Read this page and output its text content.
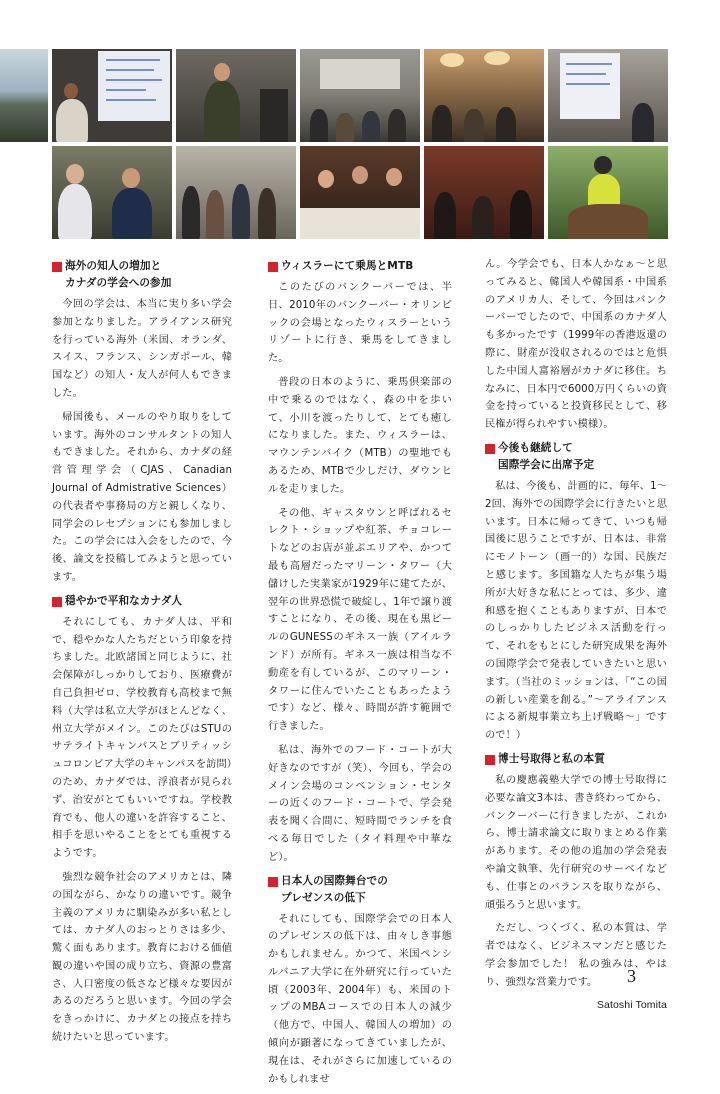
海外の知人の増加と
カナダの学会への参加

今回の学会は、本当に実り多い学会参加となりました。アライアンス研究を行っている海外（米国、オランダ、スイス、フランス、シンガポール、韓国など）の知人・友人が何人もできました。

帰国後も、メールのやり取りをしています。海外のコンサルタントの知人もできました。それから、カナダの経営管理学会（CJAS、Canadian Journal of Admistrative Sciences）の代表者や事務局の方と親しくなり、同学会のレセプションにも参加しました。この学会には入会をしたので、今後、論文を投稿してみようと思っています。

穏やかで平和なカナダ人

それにしても、カナダ人は、平和で、穏やかな人たちだという印象を持ちました。北欧諸国と同じように、社会保障がしっかりしており、医療費が自己負担ゼロ、学校教育も高校まで無料（大学は私立大学がほとんどなく、州立大学がメイン。このたびはSTUのサテライトキャンパスとブリティッシュコロンビア大学のキャンパスを訪問）のため、カナダでは、浮浪者が見られず、治安がとてもいいですね。学校教育でも、他人の違いを許容すること、相手を思いやることをとても重視するようです。

強烈な競争社会のアメリカとは、隣の国ながら、かなりの違いです。競争主義のアメリカに馴染みが多い私としては、カナダ人のおっとりさは多少、驚く面もあります。教育における価値観の違いや国の成り立ち、資源の豊富さ、人口密度の低さなど様々な要因があるのだろうと思います。今回の学会をきっかけに、カナダとの接点を持ち続けたいと思っています。

ウィスラーにて乗馬とMTB

このたびのバンクーバーでは、半日、2010年のバンクーバー・オリンピックの会場となったウィスラーというリゾートに行き、乗馬をしてきました。

普段の日本のように、乗馬倶楽部の中で乗るのではなく、森の中を歩いて、小川を渡ったりして、とても癒しになりました。また、ウィスラーは、マウンテンバイク（MTB）の聖地でもあるため、MTBで少しだけ、ダウンヒルを走りました。

その他、ギャスタウンと呼ばれるセレクト・ショップや紅茶、チョコレートなどのお店が並ぶエリアや、かつて最も高層だったマリーン・タワー（大儲けした実業家が1929年に建てたが、翌年の世界恐慌で破綻し、1年で譲り渡すことになり、その後、現在も黒ビールのGUNESSのギネス一族（アイルランド）が所有。ギネス一族は相当な不動産を有しているが、このマリーン・タワーに住んでいたこともあったようです）など、様々、時間が許す範囲で行きました。

私は、海外でのフード・コートが大好きなのですが（笑）、今回も、学会のメイン会場のコンベンション・センターの近くのフード・コートで、学会発表を聞く合間に、短時間でランチを食べる毎日でした（タイ料理や中華など）。

日本人の国際舞台での
プレゼンスの低下

それにしても、国際学会での日本人のプレゼンスの低下は、由々しき事態かもしれません。かつて、米国ペンシルバニア大学に在外研究に行っていた頃（2003年、2004年）も、米国のトップのMBAコースでの日本人の減少（他方で、中国人、韓国人の増加）の傾向が顕著になってきていましたが、現在は、それがさらに加速しているのかもしれませ

ん。今学会でも、日本人かなぁ～と思ってみると、韓国人や韓国系・中国系のアメリカ人、そして、今回はバンクーバーでしたので、中国系のカナダ人も多かったです（1999年の香港返還の際に、財産が没収されるのではと危惧した中国人富裕層がカナダに移住。ちなみに、日本円で6000万円くらいの資金を持っていると投資移民として、移民権が得られやすい模様）。

今後も継続して
国際学会に出席予定

私は、今後も、計画的に、毎年、1～2回、海外での国際学会に行きたいと思います。日本に帰ってきて、いつも帰国後に思うことですが、日本は、非常にモノトーン（画一的）な国、民族だと感じます。多国籍な人たちが集う場所が大好きな私にとっては、多少、違和感を抱くこともありますが、日本でのしっかりしたビジネス活動を行って、それをもとにした研究成果を海外の国際学会で発表していきたいと思います。（当社のミッションは、「“この国の新しい産業を創る。”～アライアンスによる新規事業立ち上げ戦略～」ですので！）

博士号取得と私の本質

私の慶應義塾大学での博士号取得に必要な論文3本は、書き終わってから、バンクーバーに行きましたが、これから、博士請求論文に取りまとめる作業があります。その他の追加の学会発表や論文執筆、先行研究のサーベイなども、仕事とのバランスを取りながら、頑張ろうと思います。

ただし、つくづく、私の本質は、学者ではなく、ビジネスマンだと感じた学会参加でした！ 私の強みは、やはり、強烈な営業力です。

Satoshi Tomita
3
